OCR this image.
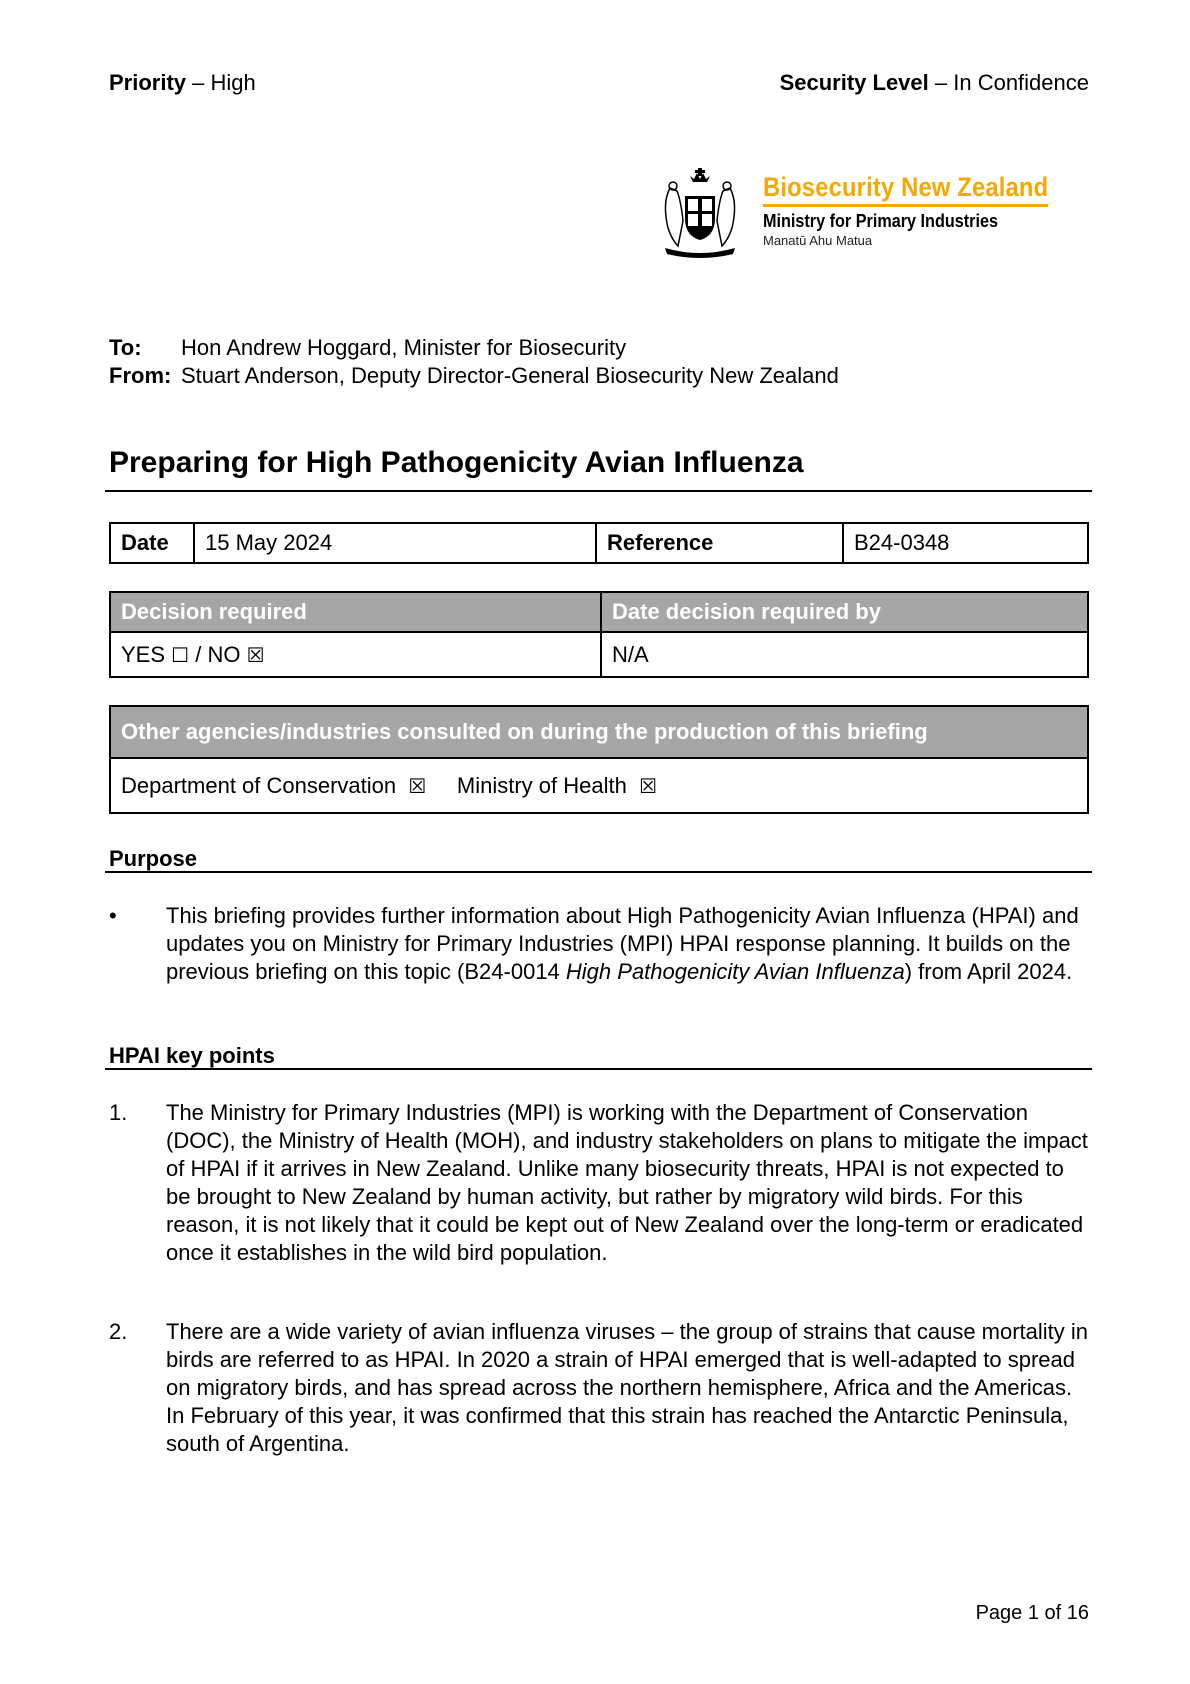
Priority – High	Security Level – In Confidence
Biosecurity New Zealand
Ministry for Primary Industries
Manatū Ahu Matua
To: Hon Andrew Hoggard, Minister for Biosecurity
From: Stuart Anderson, Deputy Director-General Biosecurity New Zealand
Preparing for High Pathogenicity Avian Influenza
Date	15 May 2024	Reference	B24-0348
Decision required	Date decision required by
YES ☐ / NO ☒	N/A
Other agencies/industries consulted on during the production of this briefing
Department of Conservation ☒ Ministry of Health ☒
Purpose
• This briefing provides further information about High Pathogenicity Avian Influenza (HPAI) and updates you on Ministry for Primary Industries (MPI) HPAI response planning. It builds on the previous briefing on this topic (B24-0014 High Pathogenicity Avian Influenza) from April 2024.
HPAI key points
1. The Ministry for Primary Industries (MPI) is working with the Department of Conservation (DOC), the Ministry of Health (MOH), and industry stakeholders on plans to mitigate the impact of HPAI if it arrives in New Zealand. Unlike many biosecurity threats, HPAI is not expected to be brought to New Zealand by human activity, but rather by migratory wild birds. For this reason, it is not likely that it could be kept out of New Zealand over the long-term or eradicated once it establishes in the wild bird population.
2. There are a wide variety of avian influenza viruses – the group of strains that cause mortality in birds are referred to as HPAI. In 2020 a strain of HPAI emerged that is well-adapted to spread on migratory birds, and has spread across the northern hemisphere, Africa and the Americas. In February of this year, it was confirmed that this strain has reached the Antarctic Peninsula, south of Argentina.
Page 1 of 16
